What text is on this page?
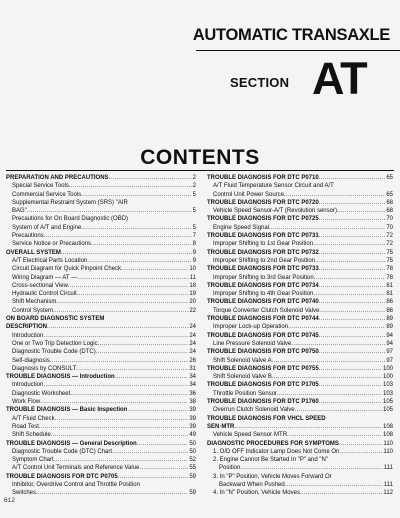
AUTOMATIC TRANSAXLE
SECTION AT
CONTENTS
PREPARATION AND PRECAUTIONS .....	2
Special Service Tools .....	2
Commercial Service Tools .....	5
Supplemental Restraint System (SRS) "AIR
BAG" .....	5
Precautions for On Board Diagnostic (OBD)
System of A/T and Engine .....	5
Precautions .....	7
Service Notice or Precautions .....	8
OVERALL SYSTEM .....	9
A/T Electrical Parts Location .....	9
Circuit Diagram for Quick Pinpoint Check .....	10
Wiring Diagram — AT — .....	11
Cross-sectional View .....	18
Hydraulic Control Circuit .....	19
Shift Mechanism .....	20
Control System .....	22
ON BOARD DIAGNOSTIC SYSTEM
DESCRIPTION .....	24
Introduction .....	24
One or Two Trip Detection Logic .....	24
Diagnostic Trouble Code (DTC) .....	24
Self-diagnosis .....	26
Diagnosis by CONSULT .....	31
TROUBLE DIAGNOSIS — Introduction .....	34
Introduction .....	34
Diagnostic Worksheet .....	36
Work Flow .....	38
TROUBLE DIAGNOSIS — Basic Inspection .....	39
A/T Fluid Check .....	39
Road Test .....	39
Shift Schedule .....	49
TROUBLE DIAGNOSIS — General Description .....	50
Diagnostic Trouble Code (DTC) Chart .....	50
Symptom Chart .....	52
A/T Control Unit Terminals and Reference Value .....	55
TROUBLE DIAGNOSIS FOR DTC P0705 .....	59
Inhibitor, Overdrive Control and Throttle Position
Switches .....	59
TROUBLE DIAGNOSIS FOR DTC P0710 .....	65
A/T Fluid Temperature Sensor Circuit and A/T
Control Unit Power Source .....	65
TROUBLE DIAGNOSIS FOR DTC P0720 .....	68
Vehicle Speed Sensor-A/T (Revolution sensor) .....	68
TROUBLE DIAGNOSIS FOR DTC P0725 .....	70
Engine Speed Signal .....	70
TROUBLE DIAGNOSIS FOR DTC P0731 .....	72
Improper Shifting to 1st Gear Position .....	72
TROUBLE DIAGNOSIS FOR DTC P0732 .....	75
Improper Shifting to 2nd Gear Position .....	75
TROUBLE DIAGNOSIS FOR DTC P0733 .....	78
Improper Shifting to 3rd Gear Position .....	78
TROUBLE DIAGNOSIS FOR DTC P0734 .....	81
Improper Shifting to 4th Gear Position .....	81
TROUBLE DIAGNOSIS FOR DTC P0740 .....	86
Torque Converter Clutch Solenoid Valve .....	86
TROUBLE DIAGNOSIS FOR DTC P0744 .....	89
Improper Lock-up Operation .....	89
TROUBLE DIAGNOSIS FOR DTC P0745 .....	94
Line Pressure Solenoid Valve .....	94
TROUBLE DIAGNOSIS FOR DTC P0750 .....	97
Shift Solenoid Valve A .....	97
TROUBLE DIAGNOSIS FOR DTC P0755 .....	100
Shift Solenoid Valve B .....	100
TROUBLE DIAGNOSIS FOR DTC P1705 .....	103
Throttle Position Sensor .....	103
TROUBLE DIAGNOSIS FOR DTC P1760 .....	105
Overrun Clutch Solenoid Valve .....	105
TROUBLE DIAGNOSIS FOR VHCL SPEED
SEN·MTR .....	108
Vehicle Speed Sensor·MTR .....	108
DIAGNOSTIC PROCEDURES FOR SYMPTOMS .....	110
1. O/D OFF Indicator Lamp Does Not Come On .....	110
2. Engine Cannot Be Started In "P" and "N"
Position .....	111
3. In "P" Position, Vehicle Moves Forward Or
Backward When Pushed .....	111
4. In "N" Position, Vehicle Moves .....	112
612
